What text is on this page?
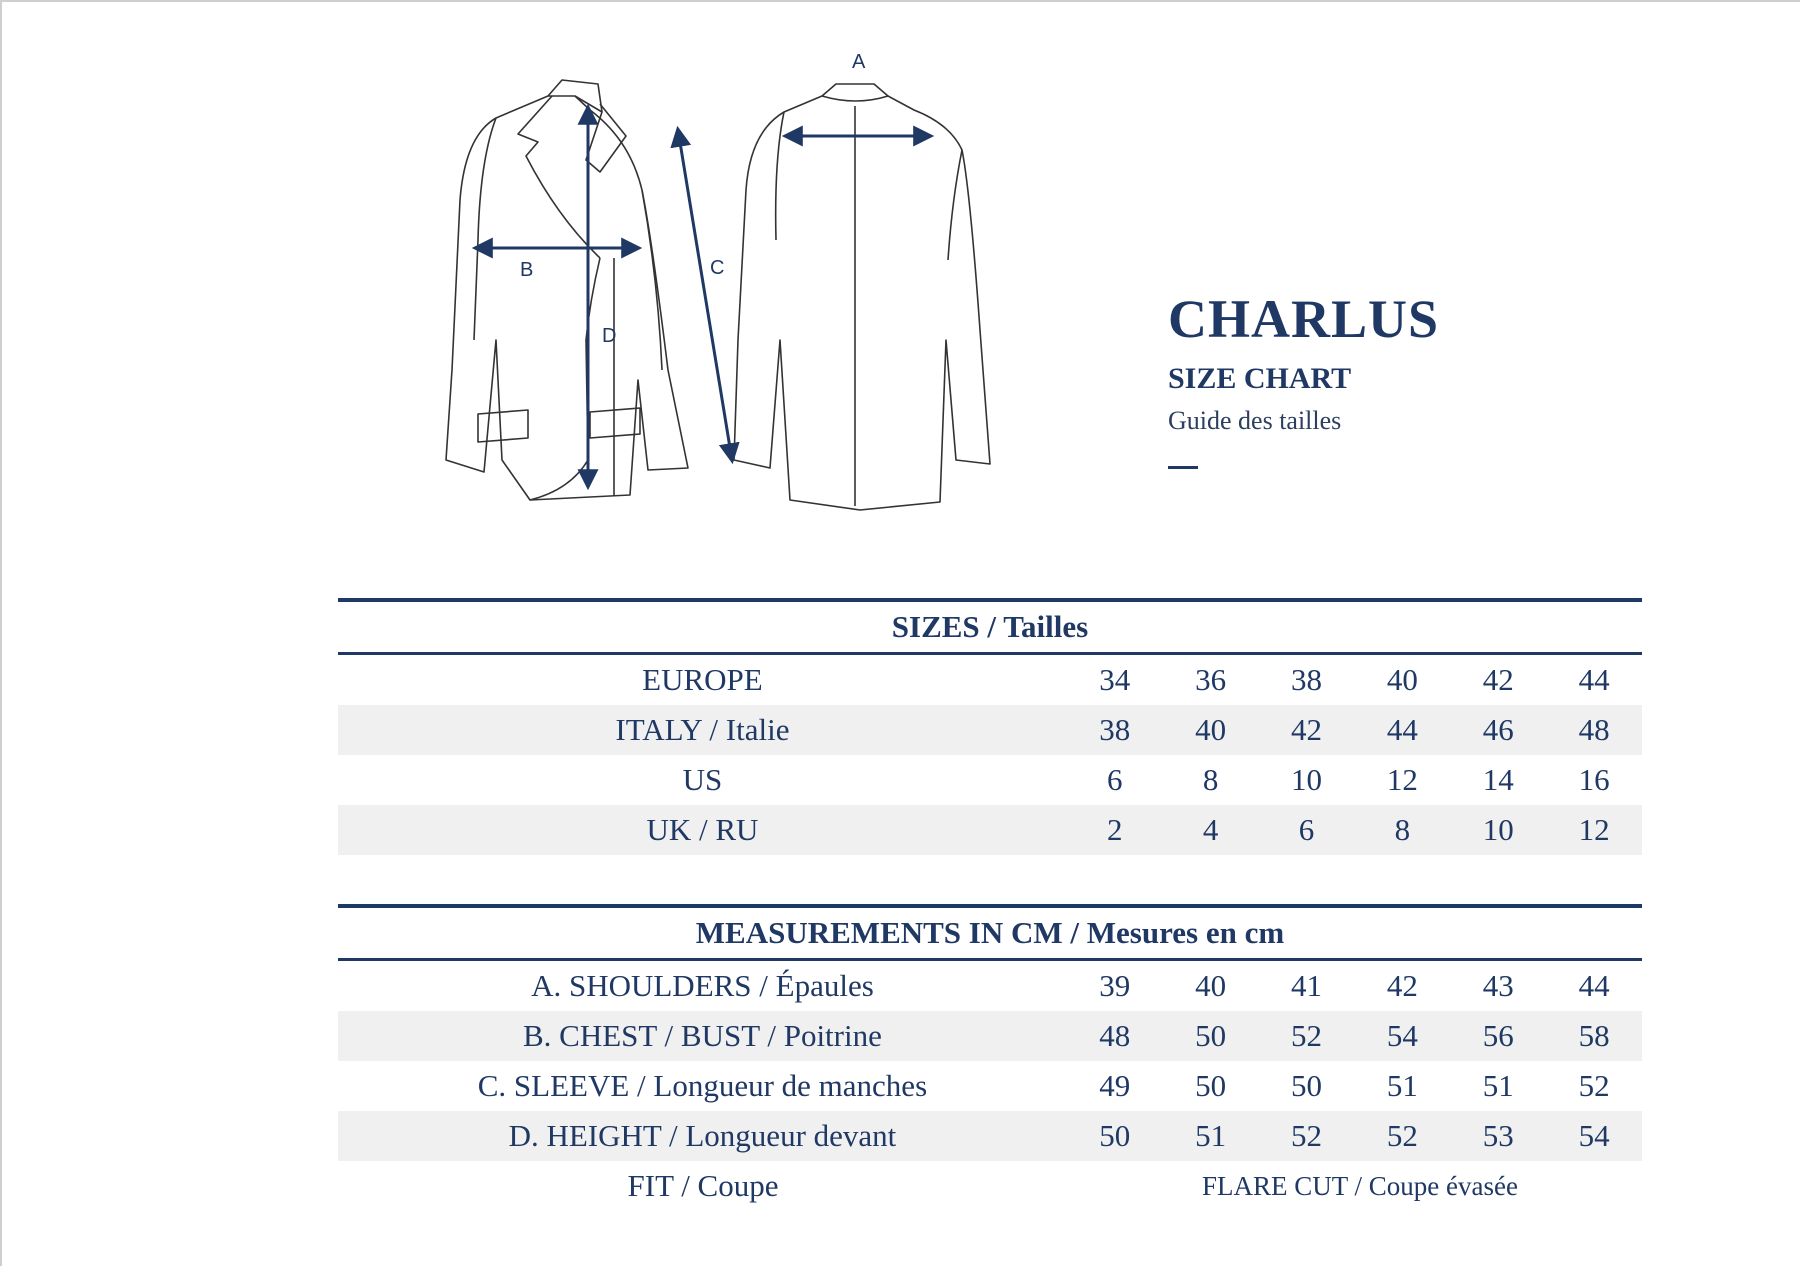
A
B	C
D	CHARLUS
SIZE CHART
Guide des tailles
SIZES / Tailles
EUROPE	34	36	38	40	42	44
ITALY / Italie	38	40	42	44	46	48
US	6	8	10	12	14	16
UK / RU	2	4	6	8	10	12
MEASUREMENTS IN CM / Mesures en cm
A. SHOULDERS / Épaules	39	40	41	42	43	44
B. CHEST / BUST / Poitrine	48	50	52	54	56	58
C. SLEEVE / Longueur de manches	49	50	50	51	51	52
D. HEIGHT / Longueur devant	50	51	52	52	53	54
FIT / Coupe	FLARE CUT / Coupe évasée
